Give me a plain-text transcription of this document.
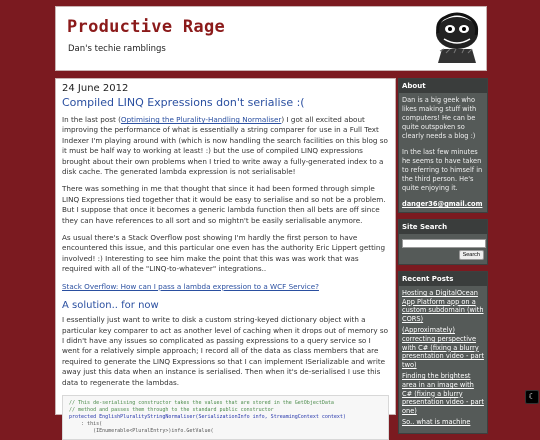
Productive Rage
Dan's techie ramblings
24 June 2012
Compiled LINQ Expressions don't serialise :(

In the last post (Optimising the Plurality-Handling Normaliser) I got all excited about improving the performance of what is essentially a string comparer for use in a Full Text Indexer I'm playing around with (which is now handling the search facilities on this blog so it must be half way to working at least! :) but the use of compiled LINQ expressions brought about their own problems when I tried to write away a fully-generated index to a disk cache. The generated lambda expression is not serialisable!

There was something in me that thought that since it had been formed through simple LINQ Expressions tied together that it would be easy to serialise and so not be a problem. But I suppose that once it becomes a generic lambda function then all bets are off since they can have references to all sort and so mightn't be easily serialisable anymore.

As usual there's a Stack Overflow post showing I'm hardly the first person to have encountered this issue, and this particular one even has the authority Eric Lippert getting involved! :) Interesting to see him make the point that this was was work that was required with all of the "LINQ-to-whatever" integrations..

Stack Overflow: How can I pass a lambda expression to a WCF Service?

A solution.. for now

I essentially just want to write to disk a custom string-keyed dictionary object with a particular key comparer to act as another level of caching when it drops out of memory so I didn't have any issues so complicated as passing expressions to a query service so I went for a relatively simple approach; I record all of the data as class members that are required to generate the LINQ Expressions so that I can implement ISerializable and write away just this data when an instance is serialised. Then when it's de-serialised I use this data to regenerate the lambdas.

// This de-serialising constructor takes the values that are stored in the GetObjectData
// method and passes them through to the standard public constructor
protected EnglishPluralityStringNormaliser(SerializationInfo info, StreamingContext context)
: this(
(IEnumerable<PluralEntry>)info.GetValue(
About

Dan is a big geek who likes making stuff with computers! He can be quite outspoken so clearly needs a blog :)

In the last few minutes he seems to have taken to referring to himself in the third person. He's quite enjoying it.

danger36@gmail.com
Site Search
Search
Recent Posts
Hosting a DigitalOcean App Platform app on a custom subdomain (with CORS)
(Approximately) correcting perspective with C# (fixing a blurry presentation video - part two)
Finding the brightest area in an image with C# (fixing a blurry presentation video - part one)
So.. what is machine
☾
